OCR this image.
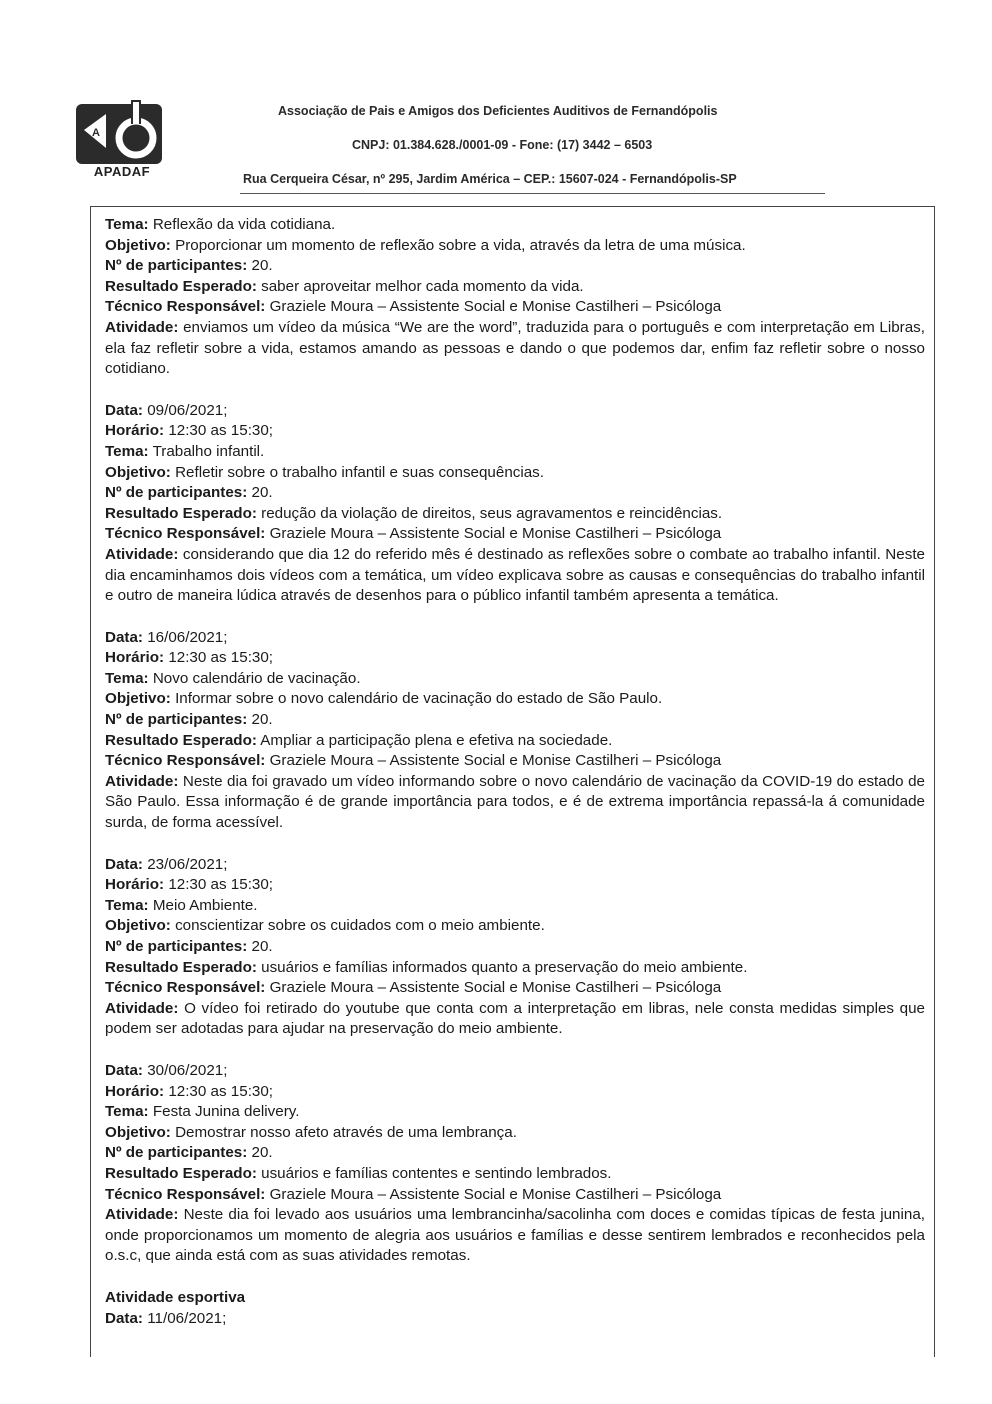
A
APADAF
Associação de Pais e Amigos dos Deficientes Auditivos de Fernandópolis
CNPJ: 01.384.628./0001-09 - Fone: (17) 3442 – 6503
Rua Cerqueira César, nº 295, Jardim América – CEP.: 15607-024 - Fernandópolis-SP
Tema: Reflexão da vida cotidiana.
Objetivo: Proporcionar um momento de reflexão sobre a vida, através da letra de uma música.
Nº de participantes: 20.
Resultado Esperado: saber aproveitar melhor cada momento da vida.
Técnico Responsável: Graziele Moura – Assistente Social e Monise Castilheri – Psicóloga
Atividade: enviamos um vídeo da música “We are the word”, traduzida para o português e com interpretação em Libras, ela faz refletir sobre a vida, estamos amando as pessoas e dando o que podemos dar, enfim faz refletir sobre o nosso cotidiano.
Data: 09/06/2021;
Horário: 12:30 as 15:30;
Tema: Trabalho infantil.
Objetivo: Refletir sobre o trabalho infantil e suas consequências.
Nº de participantes: 20.
Resultado Esperado: redução da violação de direitos, seus agravamentos e reincidências.
Técnico Responsável: Graziele Moura – Assistente Social e Monise Castilheri – Psicóloga
Atividade: considerando que dia 12 do referido mês é destinado as reflexões sobre o combate ao trabalho infantil. Neste dia encaminhamos dois vídeos com a temática, um vídeo explicava sobre as causas e consequências do trabalho infantil e outro de maneira lúdica através de desenhos para o público infantil também apresenta a temática.
Data: 16/06/2021;
Horário: 12:30 as 15:30;
Tema: Novo calendário de vacinação.
Objetivo: Informar sobre o novo calendário de vacinação do estado de São Paulo.
Nº de participantes: 20.
Resultado Esperado: Ampliar a participação plena e efetiva na sociedade.
Técnico Responsável: Graziele Moura – Assistente Social e Monise Castilheri – Psicóloga
Atividade: Neste dia foi gravado um vídeo informando sobre o novo calendário de vacinação da COVID-19 do estado de São Paulo. Essa informação é de grande importância para todos, e é de extrema importância repassá-la á comunidade surda, de forma acessível.
Data: 23/06/2021;
Horário: 12:30 as 15:30;
Tema: Meio Ambiente.
Objetivo: conscientizar sobre os cuidados com o meio ambiente.
Nº de participantes: 20.
Resultado Esperado: usuários e famílias informados quanto a preservação do meio ambiente.
Técnico Responsável: Graziele Moura – Assistente Social e Monise Castilheri – Psicóloga
Atividade: O vídeo foi retirado do youtube que conta com a interpretação em libras, nele consta medidas simples que podem ser adotadas para ajudar na preservação do meio ambiente.
Data: 30/06/2021;
Horário: 12:30 as 15:30;
Tema: Festa Junina delivery.
Objetivo: Demostrar nosso afeto através de uma lembrança.
Nº de participantes: 20.
Resultado Esperado: usuários e famílias contentes e sentindo lembrados.
Técnico Responsável: Graziele Moura – Assistente Social e Monise Castilheri – Psicóloga
Atividade: Neste dia foi levado aos usuários uma lembrancinha/sacolinha com doces e comidas típicas de festa junina, onde proporcionamos um momento de alegria aos usuários e famílias e desse sentirem lembrados e reconhecidos pela o.s.c, que ainda está com as suas atividades remotas.
Atividade esportiva
Data: 11/06/2021;
